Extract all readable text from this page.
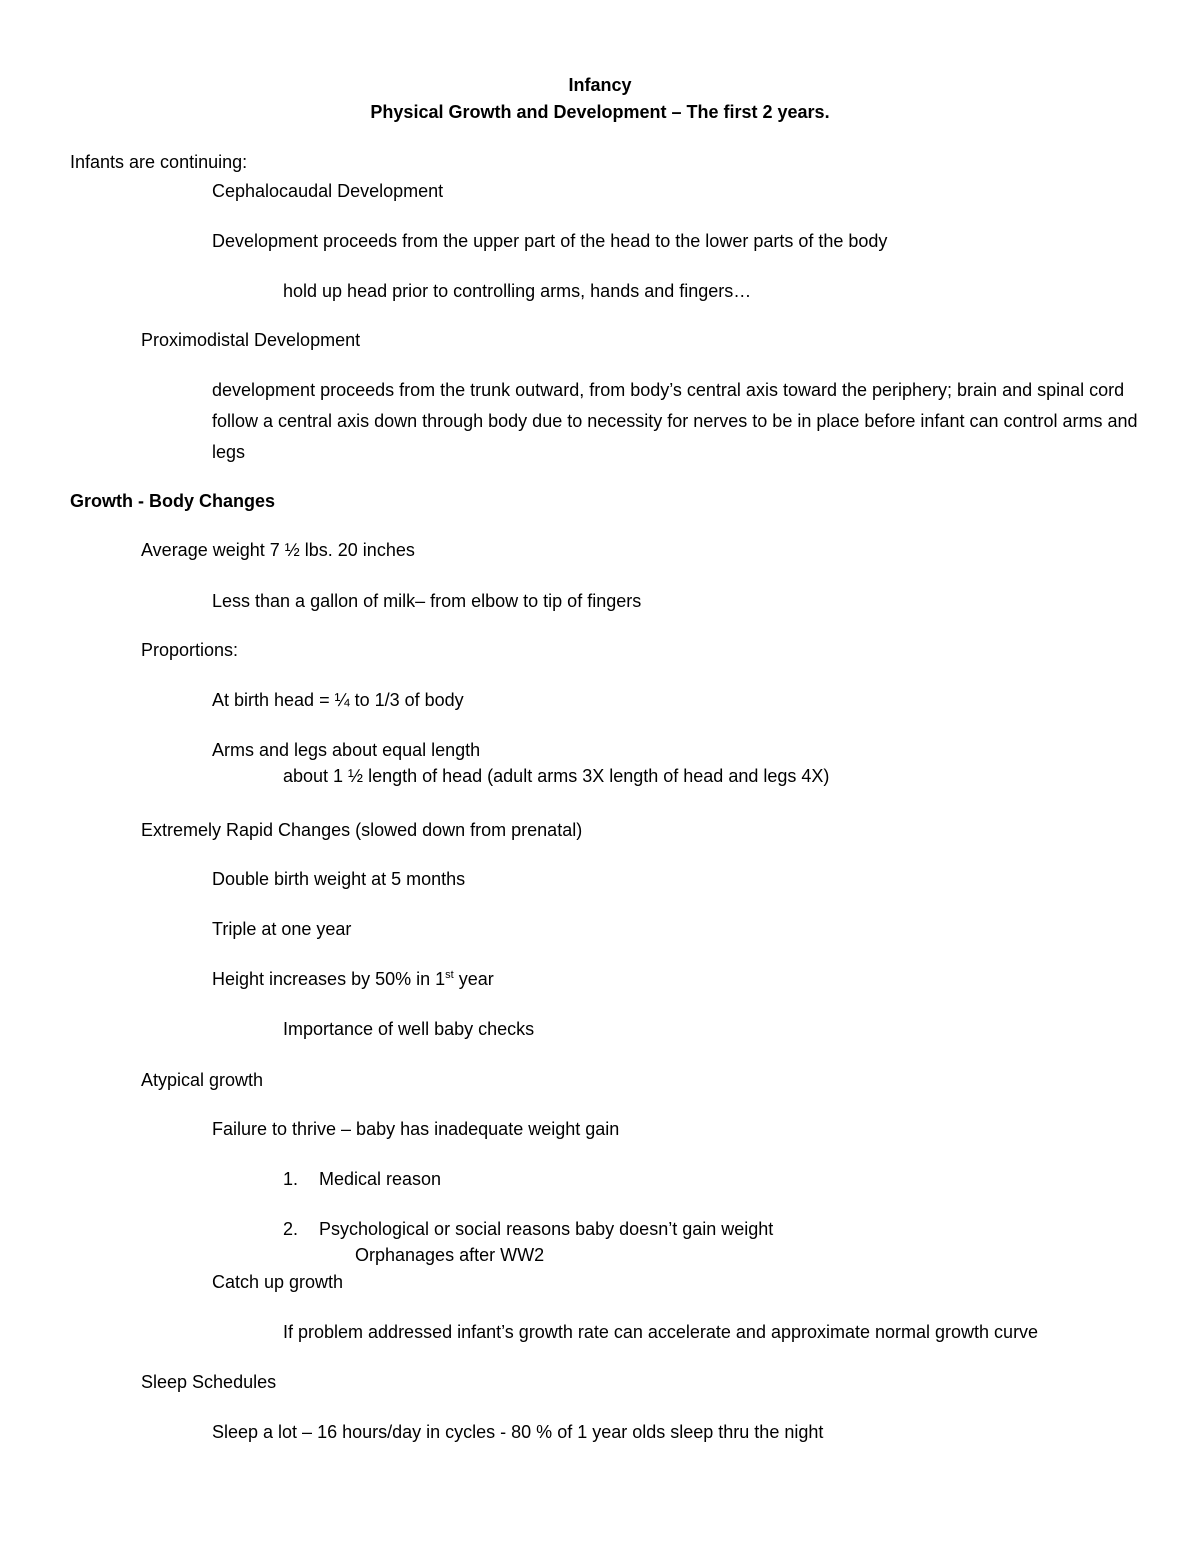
Infancy
Physical Growth and Development – The first 2 years.
Infants are continuing:
Cephalocaudal Development
Development proceeds from the upper part of the head to the lower parts of the body
hold up head prior to controlling arms, hands and fingers…
Proximodistal Development
development proceeds from the trunk outward, from body’s central axis toward the periphery; brain and spinal cord follow a central axis down through body due to necessity for nerves to be in place before infant can control arms and legs
Growth - Body Changes
Average weight 7 ½ lbs. 20 inches
Less than a gallon of milk– from elbow to tip of fingers
Proportions:
At birth head = ¼ to 1/3 of body
Arms and legs about equal length
about 1 ½ length of head (adult arms 3X length of head and legs 4X)
Extremely Rapid Changes (slowed down from prenatal)
Double birth weight at 5 months
Triple at one year
Height increases by 50% in 1st year
Importance of well baby checks
Atypical growth
Failure to thrive – baby has inadequate weight gain
1. Medical reason
2. Psychological or social reasons baby doesn’t gain weight
Orphanages after WW2
Catch up growth
If problem addressed infant’s growth rate can accelerate and approximate normal growth curve
Sleep Schedules
Sleep a lot – 16 hours/day in cycles - 80 % of 1 year olds sleep thru the night
